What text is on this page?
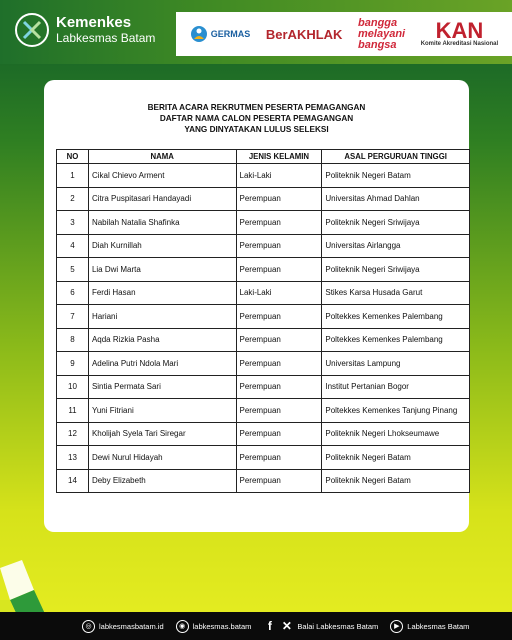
Kemenkes
Labkesmas Batam	GERMAS BerAKHLAK
bangga
melayani
bangsa
KAN
Komite Akreditasi Nasional
BERITA ACARA REKRUTMEN PESERTA PEMAGANGAN
DAFTAR NAMA CALON PESERTA PEMAGANGAN
YANG DINYATAKAN LULUS SELEKSI
NO	NAMA	JENIS KELAMIN	ASAL PERGURUAN TINGGI
1	Cikal Chievo Arment	Laki-Laki	Politeknik Negeri Batam
2	Citra Puspitasari Handayadi	Perempuan	Universitas Ahmad Dahlan
3	Nabilah Natalia Shafinka	Perempuan	Politeknik Negeri Sriwijaya
4	Diah Kurnillah	Perempuan	Universitas Airlangga
5	Lia Dwi Marta	Perempuan	Politeknik Negeri Sriwijaya
6	Ferdi Hasan	Laki-Laki	Stikes Karsa Husada Garut
7	Hariani	Perempuan	Poltekkes Kemenkes Palembang
8	Aqda Rizkia Pasha	Perempuan	Poltekkes Kemenkes Palembang
9	Adelina Putri Ndola Mari	Perempuan	Universitas Lampung
10	Sintia Permata Sari	Perempuan	Institut Pertanian Bogor
11	Yuni Fitriani	Perempuan	Poltekkes Kemenkes Tanjung Pinang
12	Kholijah Syela Tari Siregar	Perempuan	Politeknik Negeri Lhokseumawe
13	Dewi Nurul Hidayah	Perempuan	Politeknik Negeri Batam
14	Deby Elizabeth	Perempuan	Politeknik Negeri Batam
◎ labkesmasbatam.id	◉ labkesmas.batam	f ✕ Balai Labkesmas Batam	▶	Labkesmas Batam
